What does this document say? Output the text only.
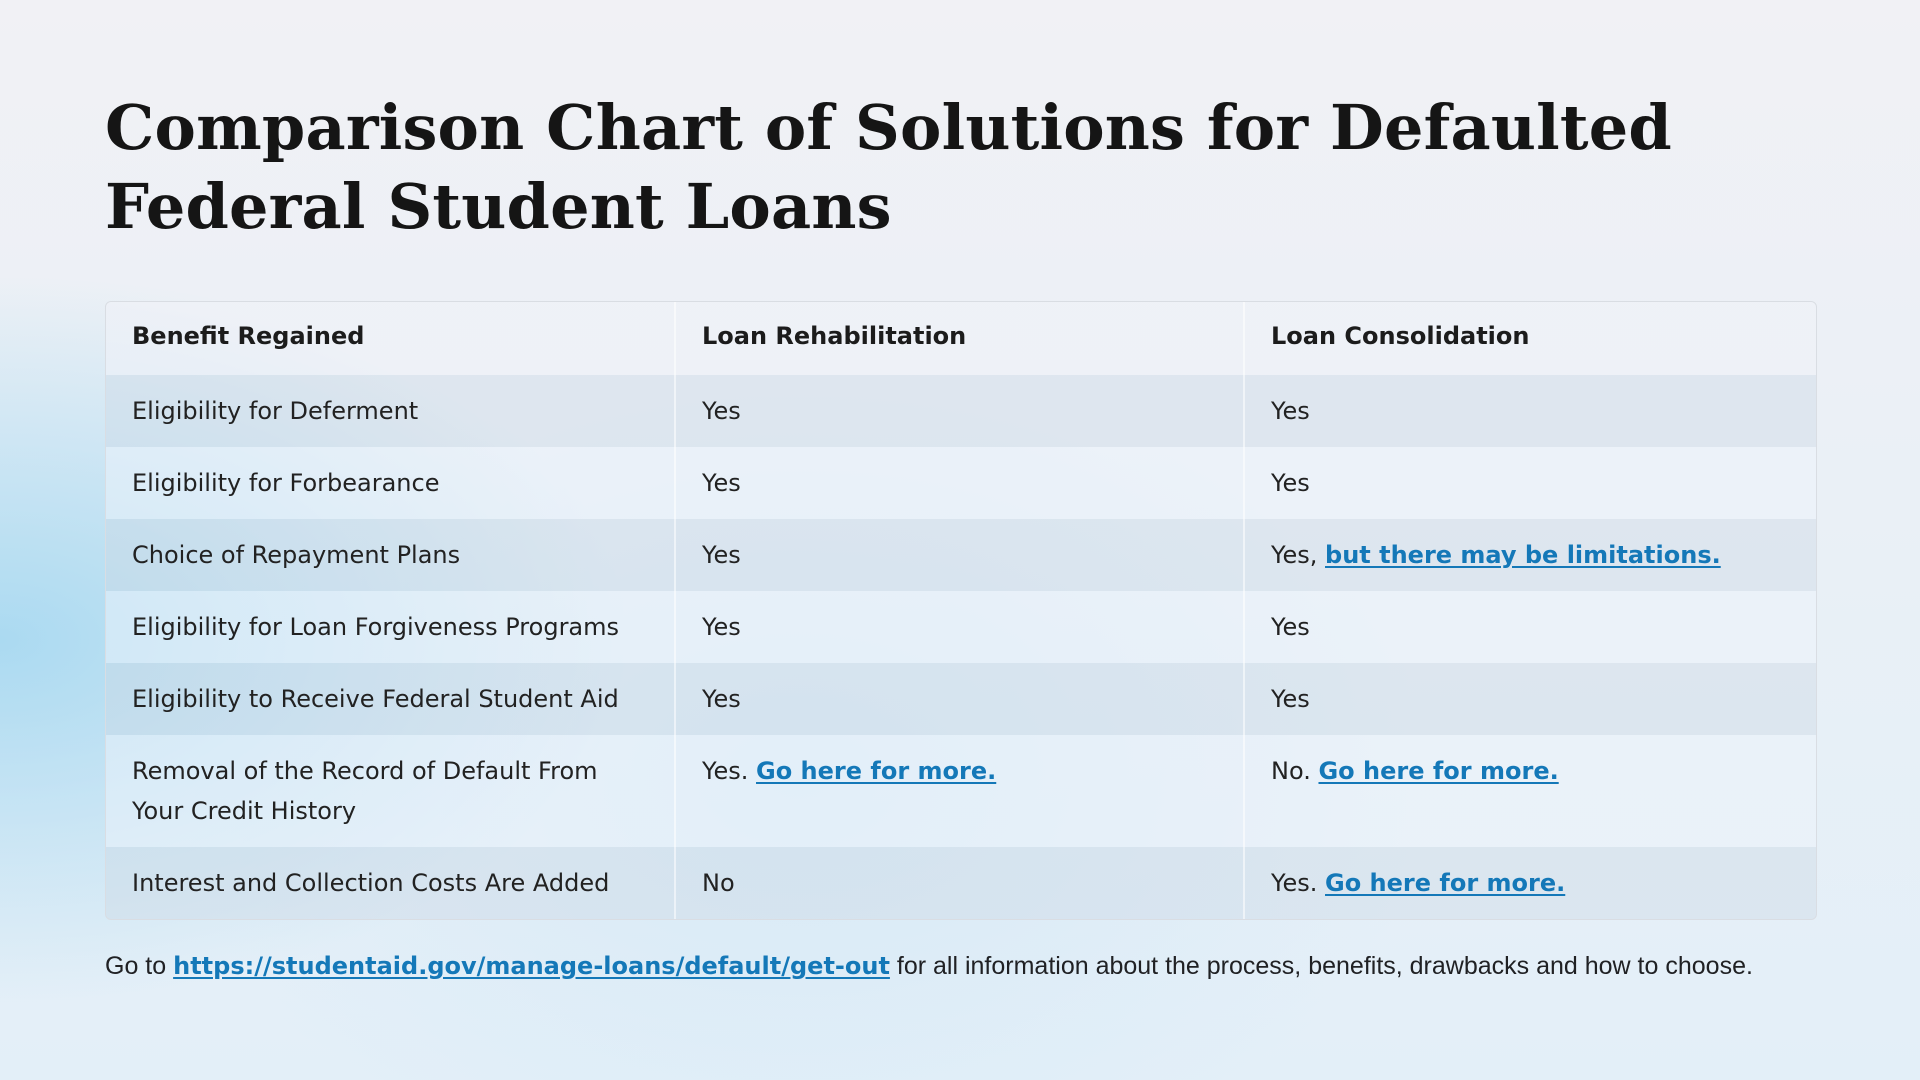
Comparison Chart of Solutions for Defaulted Federal Student Loans
Benefit Regained	Loan Rehabilitation	Loan Consolidation
Eligibility for Deferment	Yes	Yes
Eligibility for Forbearance	Yes	Yes
Choice of Repayment Plans	Yes	Yes, but there may be limitations.
Eligibility for Loan Forgiveness Programs	Yes	Yes
Eligibility to Receive Federal Student Aid	Yes	Yes
Removal of the Record of Default From Your Credit History	Yes. Go here for more.	No. Go here for more.
Interest and Collection Costs Are Added	No	Yes. Go here for more.
Go to https://studentaid.gov/manage-loans/default/get-out for all information about the process, benefits, drawbacks and how to choose.
